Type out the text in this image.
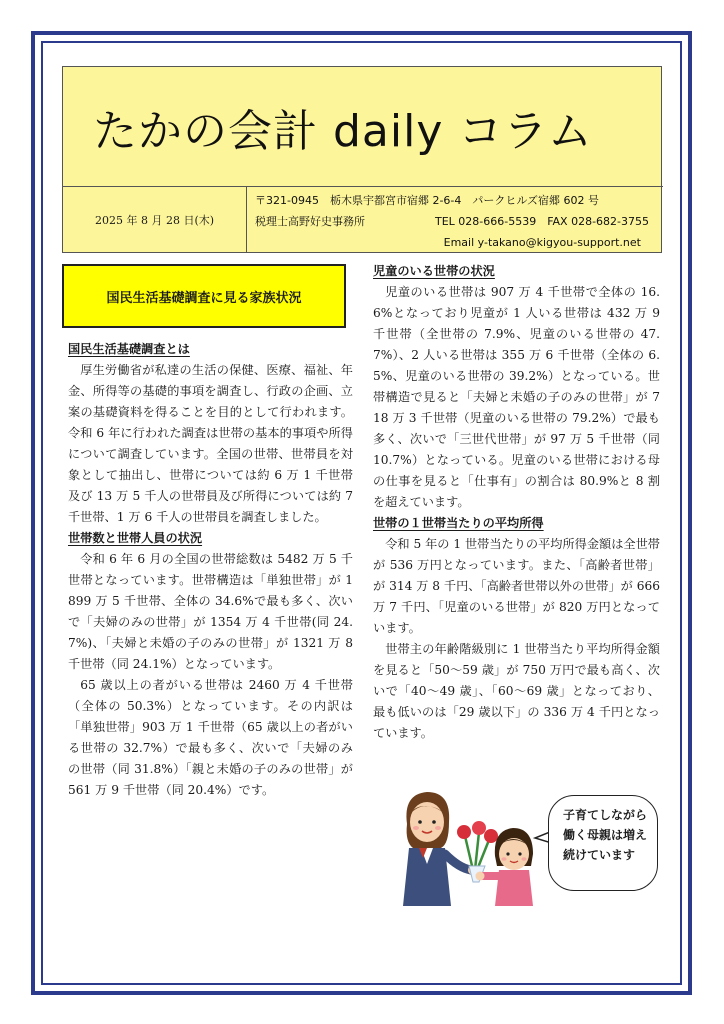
たかの会計 daily コラム
2025 年 8 月 28 日(木)
〒321-0945　栃木県宇都宮市宿郷 2-6-4　パークヒルズ宿郷 602 号
税理士高野好史事務所	TEL 028-666-5539　FAX 028-682-3755
Email y-takano@kigyou-support.net
国民生活基礎調査に見る家族状況
国民生活基礎調査とは

厚生労働省が私達の生活の保健、医療、福祉、年金、所得等の基礎的事項を調査し、行政の企画、立案の基礎資料を得ることを目的として行われます。令和 6 年に行われた調査は世帯の基本的事項や所得について調査しています。全国の世帯、世帯員を対象として抽出し、世帯については約 6 万 1 千世帯及び 13 万 5 千人の世帯員及び所得については約 7 千世帯、1 万 6 千人の世帯員を調査しました。

世帯数と世帯人員の状況

令和 6 年 6 月の全国の世帯総数は 5482 万 5 千世帯となっています。世帯構造は「単独世帯」が 1899 万 5 千世帯、全体の 34.6%で最も多く、次いで「夫婦のみの世帯」が 1354 万 4 千世帯(同 24.7%)、「夫婦と未婚の子のみの世帯」が 1321 万 8 千世帯（同 24.1%）となっています。

65 歳以上の者がいる世帯は 2460 万 4 千世帯（全体の 50.3%）となっています。その内訳は「単独世帯」903 万 1 千世帯（65 歳以上の者がいる世帯の 32.7%）で最も多く、次いで「夫婦のみの世帯（同 31.8%）「親と未婚の子のみの世帯」が 561 万 9 千世帯（同 20.4%）です。

児童のいる世帯の状況

児童のいる世帯は 907 万 4 千世帯で全体の 16.6%となっており児童が 1 人いる世帯は 432 万 9 千世帯（全世帯の 7.9%、児童のいる世帯の 47.7%）、2 人いる世帯は 355 万 6 千世帯（全体の 6.5%、児童のいる世帯の 39.2%）となっている。世帯構造で見ると「夫婦と未婚の子のみの世帯」が 718 万 3 千世帯（児童のいる世帯の 79.2%）で最も多く、次いで「三世代世帯」が 97 万 5 千世帯（同 10.7%）となっている。児童のいる世帯における母の仕事を見ると「仕事有」の割合は 80.9%と 8 割を超えています。

世帯の１世帯当たりの平均所得

令和 5 年の 1 世帯当たりの平均所得金額は全世帯が 536 万円となっています。また、「高齢者世帯」が 314 万 8 千円、「高齢者世帯以外の世帯」が 666 万 7 千円、「児童のいる世帯」が 820 万円となっています。

世帯主の年齢階級別に 1 世帯当たり平均所得金額を見ると「50～59 歳」が 750 万円で最も高く、次いで「40～49 歳」、「60～69 歳」となっており、最も低いのは「29 歳以下」の 336 万 4 千円となっています。

子育てしながら働く母親は増え続けています
